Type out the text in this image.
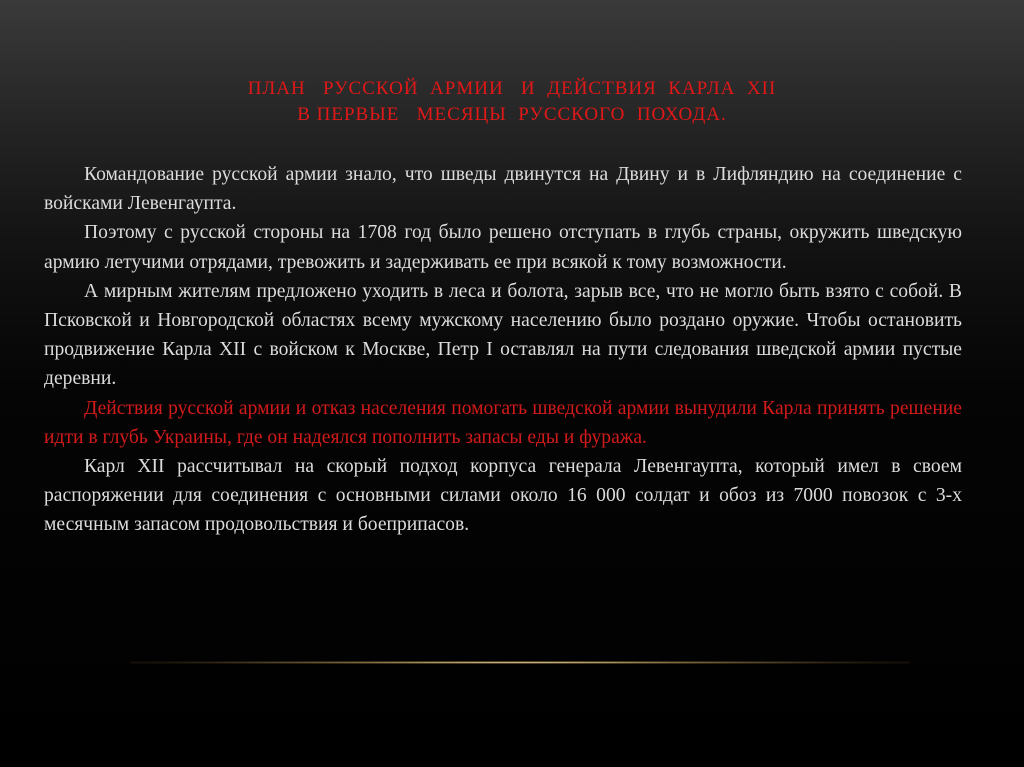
ПЛАН   РУССКОЙ  АРМИИ   И  ДЕЙСТВИЯ  КАРЛА  XII
В ПЕРВЫЕ   МЕСЯЦЫ  РУССКОГО  ПОХОДА.

Командование русской армии знало, что шведы двинутся на Двину и в Лифляндию на соединение с войсками Левенгаупта.

Поэтому с русской стороны на 1708 год было решено отступать в глубь страны, окружить шведскую армию летучими отрядами, тревожить и задерживать ее при всякой к тому возможности.

А мирным жителям предложено уходить в леса и болота, зарыв все, что не могло быть взято с собой. В Псковской и Новгородской областях всему мужскому населению было роздано оружие. Чтобы остановить продвижение Карла XII с войском к Москве, Петр I оставлял на пути следования шведской армии пустые деревни.

Действия русской армии и отказ населения помогать шведской армии вынудили Карла принять решение идти в глубь Украины, где он надеялся пополнить запасы еды и фуража.

Карл XII рассчитывал на скорый подход корпуса генерала Левенгаупта, который имел в своем распоряжении для соединения с основными силами около 16 000 солдат и обоз из 7000 повозок с 3-х месячным запасом продовольствия и боеприпасов.
